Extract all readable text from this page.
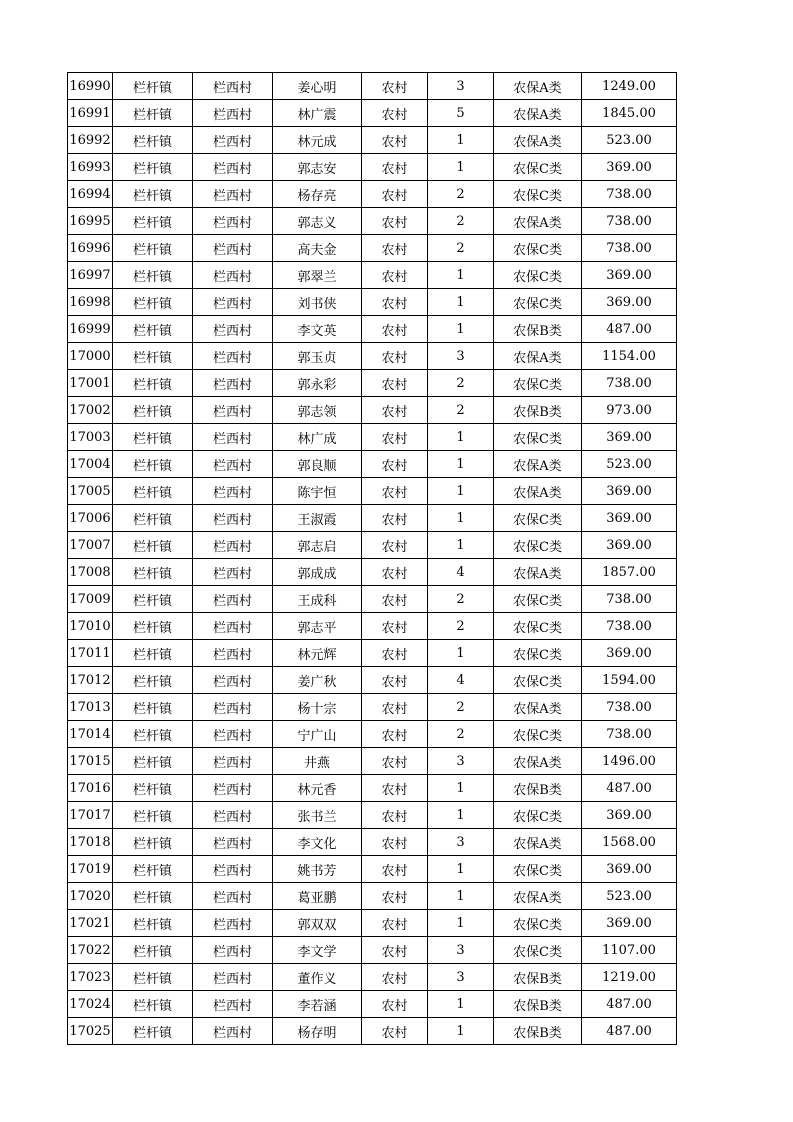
16990	栏杆镇	栏西村	姜心明	农村	3	农保A类	1249.00
16991	栏杆镇	栏西村	林广震	农村	5	农保A类	1845.00
16992	栏杆镇	栏西村	林元成	农村	1	农保A类	523.00
16993	栏杆镇	栏西村	郭志安	农村	1	农保C类	369.00
16994	栏杆镇	栏西村	杨存亮	农村	2	农保C类	738.00
16995	栏杆镇	栏西村	郭志义	农村	2	农保A类	738.00
16996	栏杆镇	栏西村	高夫金	农村	2	农保C类	738.00
16997	栏杆镇	栏西村	郭翠兰	农村	1	农保C类	369.00
16998	栏杆镇	栏西村	刘书侠	农村	1	农保C类	369.00
16999	栏杆镇	栏西村	李文英	农村	1	农保B类	487.00
17000	栏杆镇	栏西村	郭玉贞	农村	3	农保A类	1154.00
17001	栏杆镇	栏西村	郭永彩	农村	2	农保C类	738.00
17002	栏杆镇	栏西村	郭志领	农村	2	农保B类	973.00
17003	栏杆镇	栏西村	林广成	农村	1	农保C类	369.00
17004	栏杆镇	栏西村	郭良顺	农村	1	农保A类	523.00
17005	栏杆镇	栏西村	陈宇恒	农村	1	农保A类	369.00
17006	栏杆镇	栏西村	王淑霞	农村	1	农保C类	369.00
17007	栏杆镇	栏西村	郭志启	农村	1	农保C类	369.00
17008	栏杆镇	栏西村	郭成成	农村	4	农保A类	1857.00
17009	栏杆镇	栏西村	王成科	农村	2	农保C类	738.00
17010	栏杆镇	栏西村	郭志平	农村	2	农保C类	738.00
17011	栏杆镇	栏西村	林元辉	农村	1	农保C类	369.00
17012	栏杆镇	栏西村	姜广秋	农村	4	农保C类	1594.00
17013	栏杆镇	栏西村	杨十宗	农村	2	农保A类	738.00
17014	栏杆镇	栏西村	宁广山	农村	2	农保C类	738.00
17015	栏杆镇	栏西村	井燕	农村	3	农保A类	1496.00
17016	栏杆镇	栏西村	林元香	农村	1	农保B类	487.00
17017	栏杆镇	栏西村	张书兰	农村	1	农保C类	369.00
17018	栏杆镇	栏西村	李文化	农村	3	农保A类	1568.00
17019	栏杆镇	栏西村	姚书芳	农村	1	农保C类	369.00
17020	栏杆镇	栏西村	葛亚鹏	农村	1	农保A类	523.00
17021	栏杆镇	栏西村	郭双双	农村	1	农保C类	369.00
17022	栏杆镇	栏西村	李文学	农村	3	农保C类	1107.00
17023	栏杆镇	栏西村	董作义	农村	3	农保B类	1219.00
17024	栏杆镇	栏西村	李若涵	农村	1	农保B类	487.00
17025	栏杆镇	栏西村	杨存明	农村	1	农保B类	487.00
